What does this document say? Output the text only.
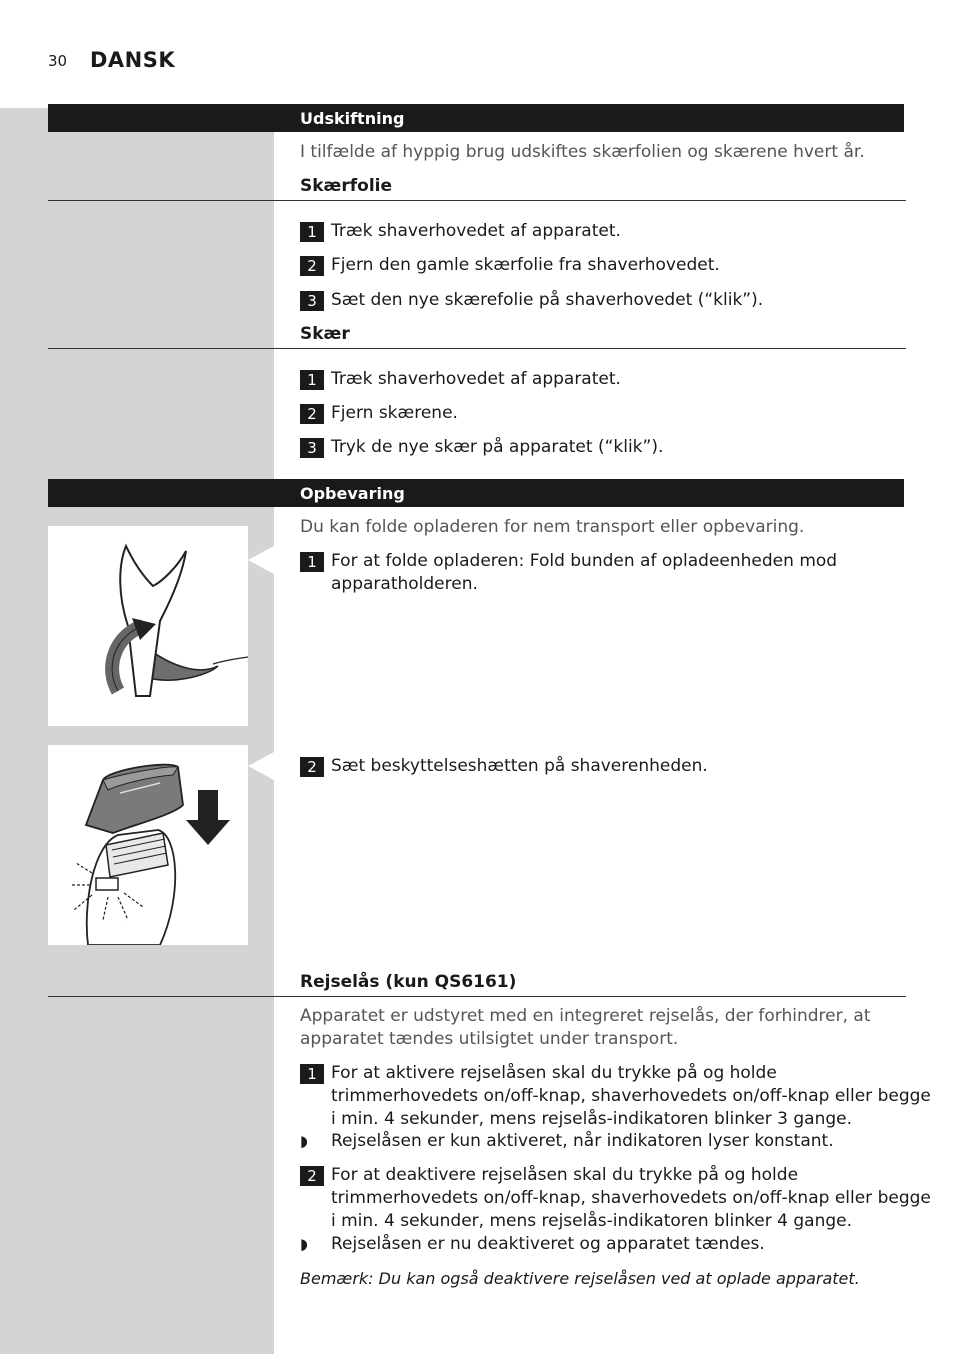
30 DANSK
Udskiftning
I tilfælde af hyppig brug udskiftes skærfolien og skærene hvert år.
Skærfolie
1 Træk shaverhovedet af apparatet.
2 Fjern den gamle skærfolie fra shaverhovedet.
3 Sæt den nye skærefolie på shaverhovedet (“klik”).
Skær
1 Træk shaverhovedet af apparatet.
2 Fjern skærene.
3 Tryk de nye skær på apparatet (“klik”).
Opbevaring
Du kan folde opladeren for nem transport eller opbevaring.
1 For at folde opladeren: Fold bunden af opladeenheden mod
apparatholderen.
2 Sæt beskyttelseshætten på shaverenheden.
Rejselås (kun QS6161)
Apparatet er udstyret med en integreret rejselås, der forhindrer, at
apparatet tændes utilsigtet under transport.
1 For at aktivere rejselåsen skal du trykke på og holde
trimmerhovedets on/off-knap, shaverhovedets on/off-knap eller begge
i min. 4 sekunder, mens rejselås-indikatoren blinker 3 gange.
◗ Rejselåsen er kun aktiveret, når indikatoren lyser konstant.
2 For at deaktivere rejselåsen skal du trykke på og holde
trimmerhovedets on/off-knap, shaverhovedets on/off-knap eller begge
i min. 4 sekunder, mens rejselås-indikatoren blinker 4 gange.
◗ Rejselåsen er nu deaktiveret og apparatet tændes.
Bemærk: Du kan også deaktivere rejselåsen ved at oplade apparatet.
